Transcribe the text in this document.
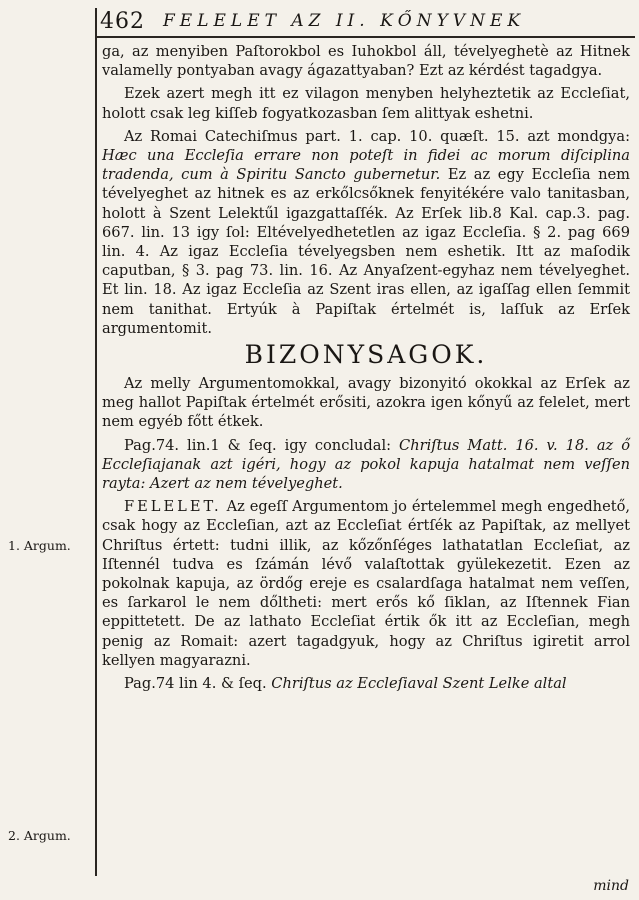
462 FELELET AZ II. KŐNYVNEK

ga, az menyiben Paſtorokbol es Iuhokbol áll, tévelyeghetè az Hitnek valamelly pontyaban avagy ágazattyaban? Ezt az kérdést tagadgya.

Ezek azert megh itt ez vilagon menyben helyheztetik az Eccleſiat, holott csak leg kiſſeb fogyatkozasban ſem alittyak eshetni.

Az Romai Catechiſmus part. 1. cap. 10. quæſt. 15. azt mondgya: Hæc una Eccleſia errare non poteſt in fidei ac morum diſciplina tradenda, cum à Spiritu Sancto gubernetur. Ez az egy Eccleſia nem tévelyeghet az hitnek es az erkőlcsőknek fenyitékére valo tanitasban, holott à Szent Lelektűl igazgattaſſék. Az Erſek lib.8 Kal. cap.3. pag. 667. lin. 13 igy ſol: Eltévelyedhetetlen az igaz Eccleſia. § 2. pag 669 lin. 4. Az igaz Eccleſia tévelyegsben nem eshetik. Itt az maſodik caputban, § 3. pag 73. lin. 16. Az Anyaſzent-egyhaz nem tévelyeghet. Et lin. 18. Az igaz Eccleſia az Szent iras ellen, az igaſſag ellen ſemmit nem tanithat. Ertyúk à Papiſtak értelmét is, laſſuk az Erſek argumentomit.

BIZONYSAGOK.

Az melly Argumentomokkal, avagy bizonyitó okokkal az Erſek az meg hallot Papiſtak értelmét erősiti, azokra igen kőnyű az felelet, mert nem egyéb főtt étkek.

Pag.74. lin.1 & ſeq. igy concludal: Chriſtus Matt. 16. v. 18. az ő Eccleſiajanak azt igéri, hogy az pokol kapuja hatalmat nem veſſen rayta: Azert az nem tévelyeghet.

FELELET. Az egeſſ Argumentom jo értelemmel megh engedhető, csak hogy az Eccleſian, azt az Eccleſiat értſék az Papiſtak, az mellyet Chriſtus értett: tudni illik, az kőzőnſéges lathatatlan Eccleſiat, az Iſtennél tudva es ſzámán lévő valaſtottak gyülekezetit. Ezen az pokolnak kapuja, az ördőg ereje es csalardſaga hatalmat nem veſſen, es ſarkarol le nem dőltheti: mert erős kő ſiklan, az Iſtennek Fian eppittetett. De az lathato Eccleſiat értik ők itt az Eccleſian, megh penig az Romait: azert tagadgyuk, hogy az Chriſtus igiretit arrol kellyen magyarazni.

Pag.74 lin 4. & ſeq. Chriſtus az Eccleſiaval Szent Lelke altal

1. Argum.
2. Argum.
mind
